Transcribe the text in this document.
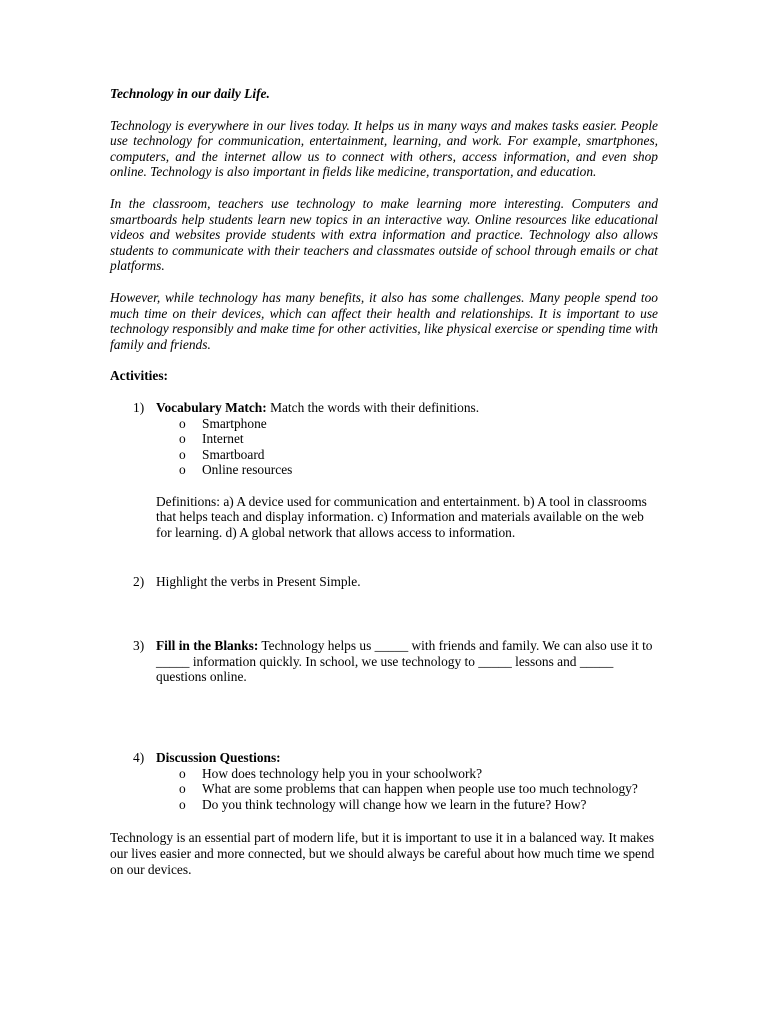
Technology in our daily Life.
Technology is everywhere in our lives today. It helps us in many ways and makes tasks easier. People use technology for communication, entertainment, learning, and work. For example, smartphones, computers, and the internet allow us to connect with others, access information, and even shop online. Technology is also important in fields like medicine, transportation, and education.
In the classroom, teachers use technology to make learning more interesting. Computers and smartboards help students learn new topics in an interactive way. Online resources like educational videos and websites provide students with extra information and practice. Technology also allows students to communicate with their teachers and classmates outside of school through emails or chat platforms.
However, while technology has many benefits, it also has some challenges. Many people spend too much time on their devices, which can affect their health and relationships. It is important to use technology responsibly and make time for other activities, like physical exercise or spending time with family and friends.
Activities:
1) Vocabulary Match: Match the words with their definitions.
o Smartphone
o Internet
o Smartboard
o Online resources
Definitions: a) A device used for communication and entertainment. b) A tool in classrooms that helps teach and display information. c) Information and materials available on the web for learning. d) A global network that allows access to information.
2) Highlight the verbs in Present Simple.
3) Fill in the Blanks: Technology helps us _____ with friends and family. We can also use it to _____ information quickly. In school, we use technology to _____ lessons and _____ questions online.
4) Discussion Questions:
o How does technology help you in your schoolwork?
o What are some problems that can happen when people use too much technology?
o Do you think technology will change how we learn in the future? How?
Technology is an essential part of modern life, but it is important to use it in a balanced way. It makes our lives easier and more connected, but we should always be careful about how much time we spend on our devices.
